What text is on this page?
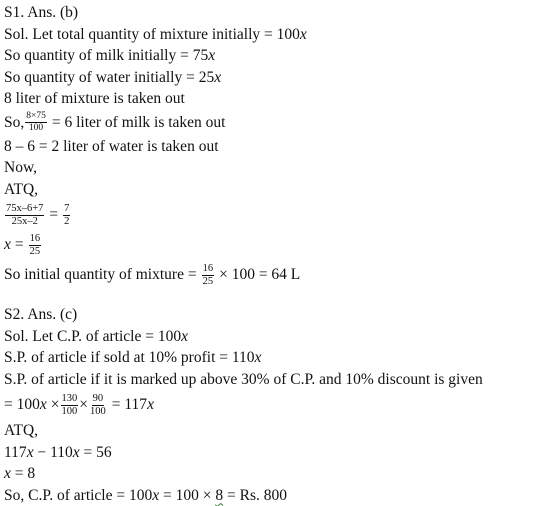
S1. Ans. (b)
Sol. Let total quantity of mixture initially = 100x
So quantity of milk initially = 75x
So quantity of water initially = 25x
8 liter of mixture is taken out
So, $\frac{8\times 75}{100} = 6$ liter of milk is taken out
8 – 6 = 2 liter of water is taken out
Now,
ATQ,
$\frac{75x-6+7}{25x-2} = \frac{7}{2}$
$x = \frac{16}{25}$
So initial quantity of mixture = $\frac{16}{25} \times 100 = 64$ L
S2. Ans. (c)
Sol. Let C.P. of article = 100x
S.P. of article if sold at 10% profit = 110x
S.P. of article if it is marked up above 30% of C.P. and 10% discount is given
= 100 $x \times \frac{130}{100} \times \frac{90}{100} = 117$ x
ATQ,
117x − 110x = 56
x = 8
So, C.P. of article = 100x = 100 × 8 = Rs. 800
